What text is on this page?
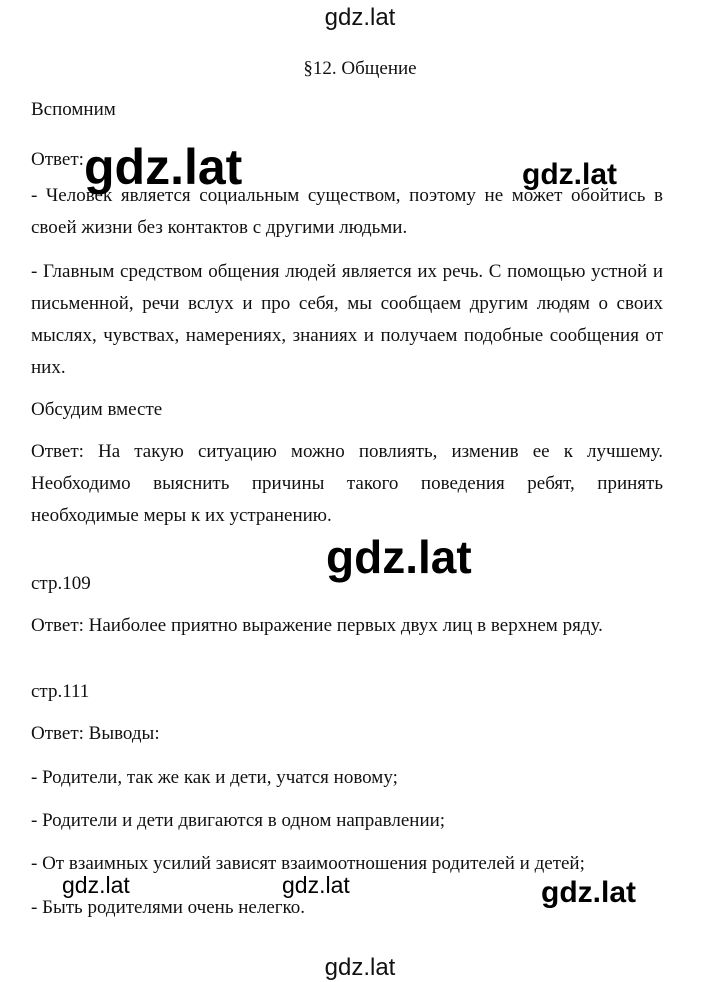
gdz.lat
§12. Общение
Вспомним
Ответ:
- Человек является социальным существом, поэтому не может обойтись в своей жизни без контактов с другими людьми.
- Главным средством общения людей является их речь. С помощью устной и письменной, речи вслух и про себя, мы сообщаем другим людям о своих мыслях, чувствах, намерениях, знаниях и получаем подобные сообщения от них.
Обсудим вместе
Ответ: На такую ситуацию можно повлиять, изменив ее к лучшему. Необходимо выяснить причины такого поведения ребят, принять необходимые меры к их устранению.
стр.109
Ответ: Наиболее приятно выражение первых двух лиц в верхнем ряду.
стр.111
Ответ: Выводы:
- Родители, так же как и дети, учатся новому;
- Родители и дети двигаются в одном направлении;
- От взаимных усилий зависят взаимоотношения родителей и детей;
- Быть родителями очень нелегко.
gdz.lat	gdz.lat
gdz.lat
gdz.lat	gdz.lat	gdz.lat
gdz.lat
